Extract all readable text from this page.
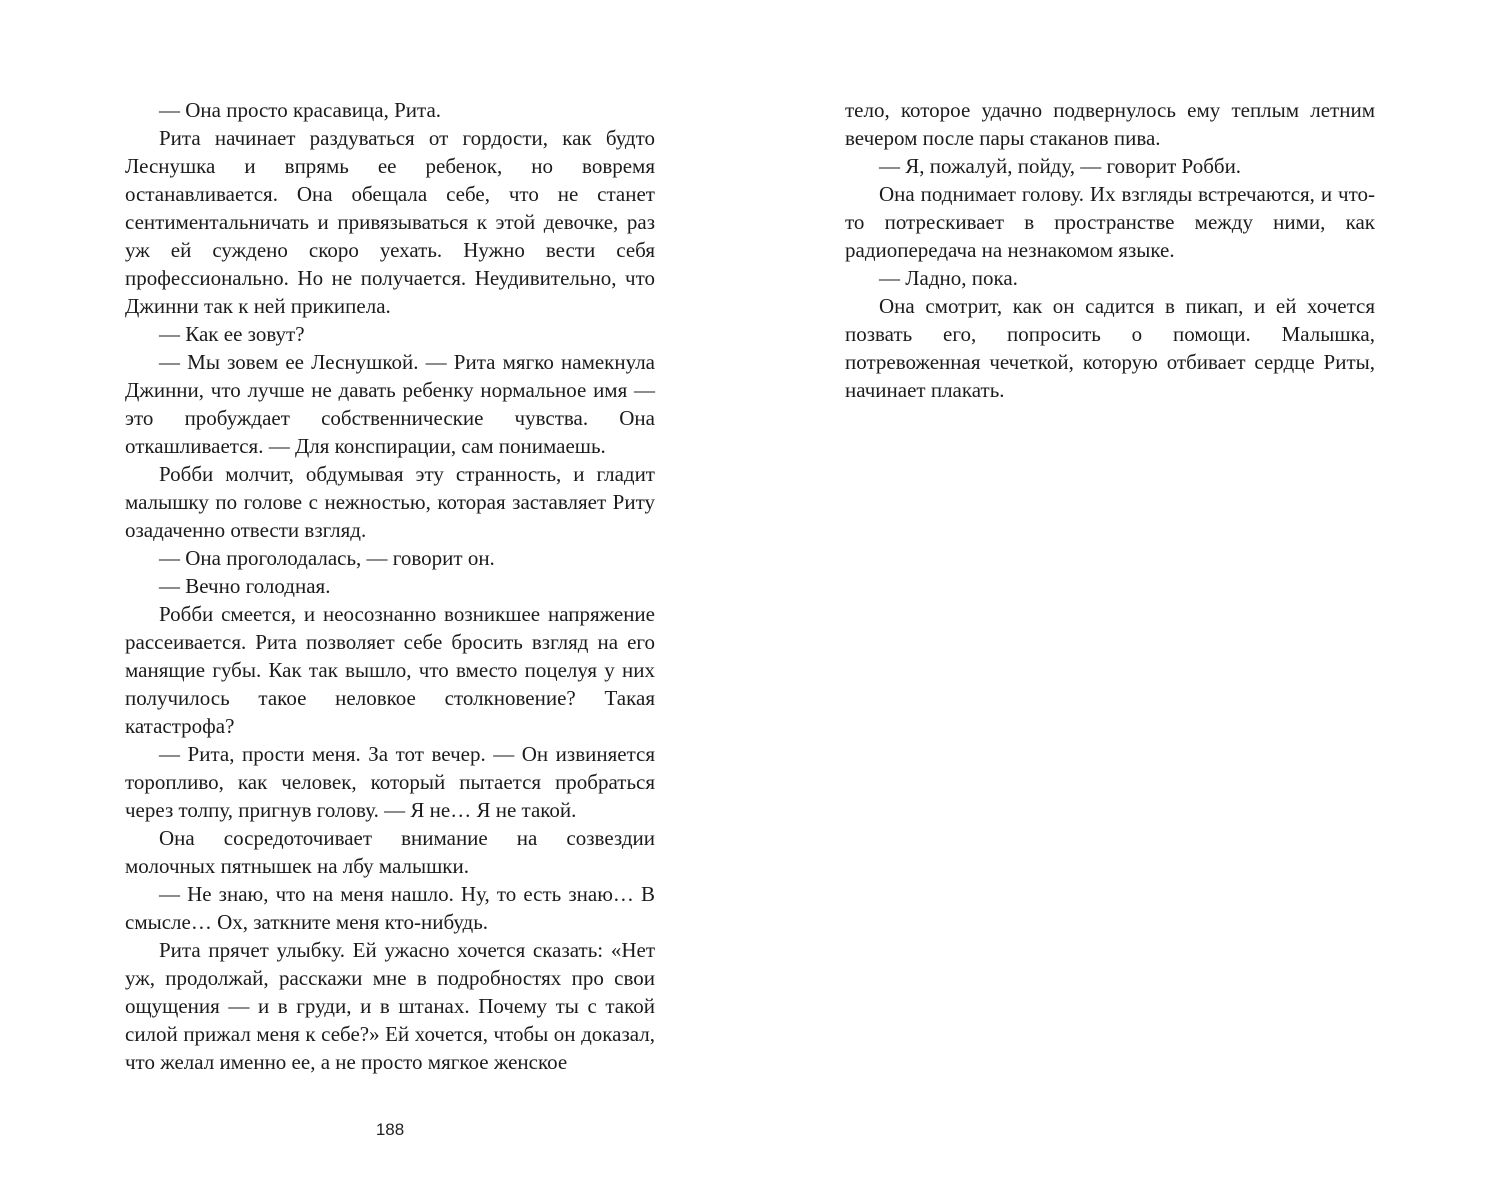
— Она просто красавица, Рита.

Рита начинает раздуваться от гордости, как будто Леснушка и впрямь ее ребенок, но вовремя останавливается. Она обещала себе, что не станет сентиментальничать и привязываться к этой девочке, раз уж ей суждено скоро уехать. Нужно вести себя профессионально. Но не получается. Неудивительно, что Джинни так к ней прикипела.

— Как ее зовут?

— Мы зовем ее Леснушкой. — Рита мягко намекнула Джинни, что лучше не давать ребенку нормальное имя — это пробуждает собственнические чувства. Она откашливается. — Для конспирации, сам понимаешь.

Робби молчит, обдумывая эту странность, и гладит малышку по голове с нежностью, которая заставляет Риту озадаченно отвести взгляд.

— Она проголодалась, — говорит он.

— Вечно голодная.

Робби смеется, и неосознанно возникшее напряжение рассеивается. Рита позволяет себе бросить взгляд на его манящие губы. Как так вышло, что вместо поцелуя у них получилось такое неловкое столкновение? Такая катастрофа?

— Рита, прости меня. За тот вечер. — Он извиняется торопливо, как человек, который пытается пробраться через толпу, пригнув голову. — Я не… Я не такой.

Она сосредоточивает внимание на созвездии молочных пятнышек на лбу малышки.

— Не знаю, что на меня нашло. Ну, то есть знаю… В смысле… Ох, заткните меня кто-нибудь.

Рита прячет улыбку. Ей ужасно хочется сказать: «Нет уж, продолжай, расскажи мне в подробностях про свои ощущения — и в груди, и в штанах. Почему ты с такой силой прижал меня к себе?» Ей хочется, чтобы он доказал, что желал именно ее, а не просто мягкое женское

188

тело, которое удачно подвернулось ему теплым летним вечером после пары стаканов пива.

— Я, пожалуй, пойду, — говорит Робби.

Она поднимает голову. Их взгляды встречаются, и что-то потрескивает в пространстве между ними, как радиопередача на незнакомом языке.

— Ладно, пока.

Она смотрит, как он садится в пикап, и ей хочется позвать его, попросить о помощи. Малышка, потревоженная чечеткой, которую отбивает сердце Риты, начинает плакать.
